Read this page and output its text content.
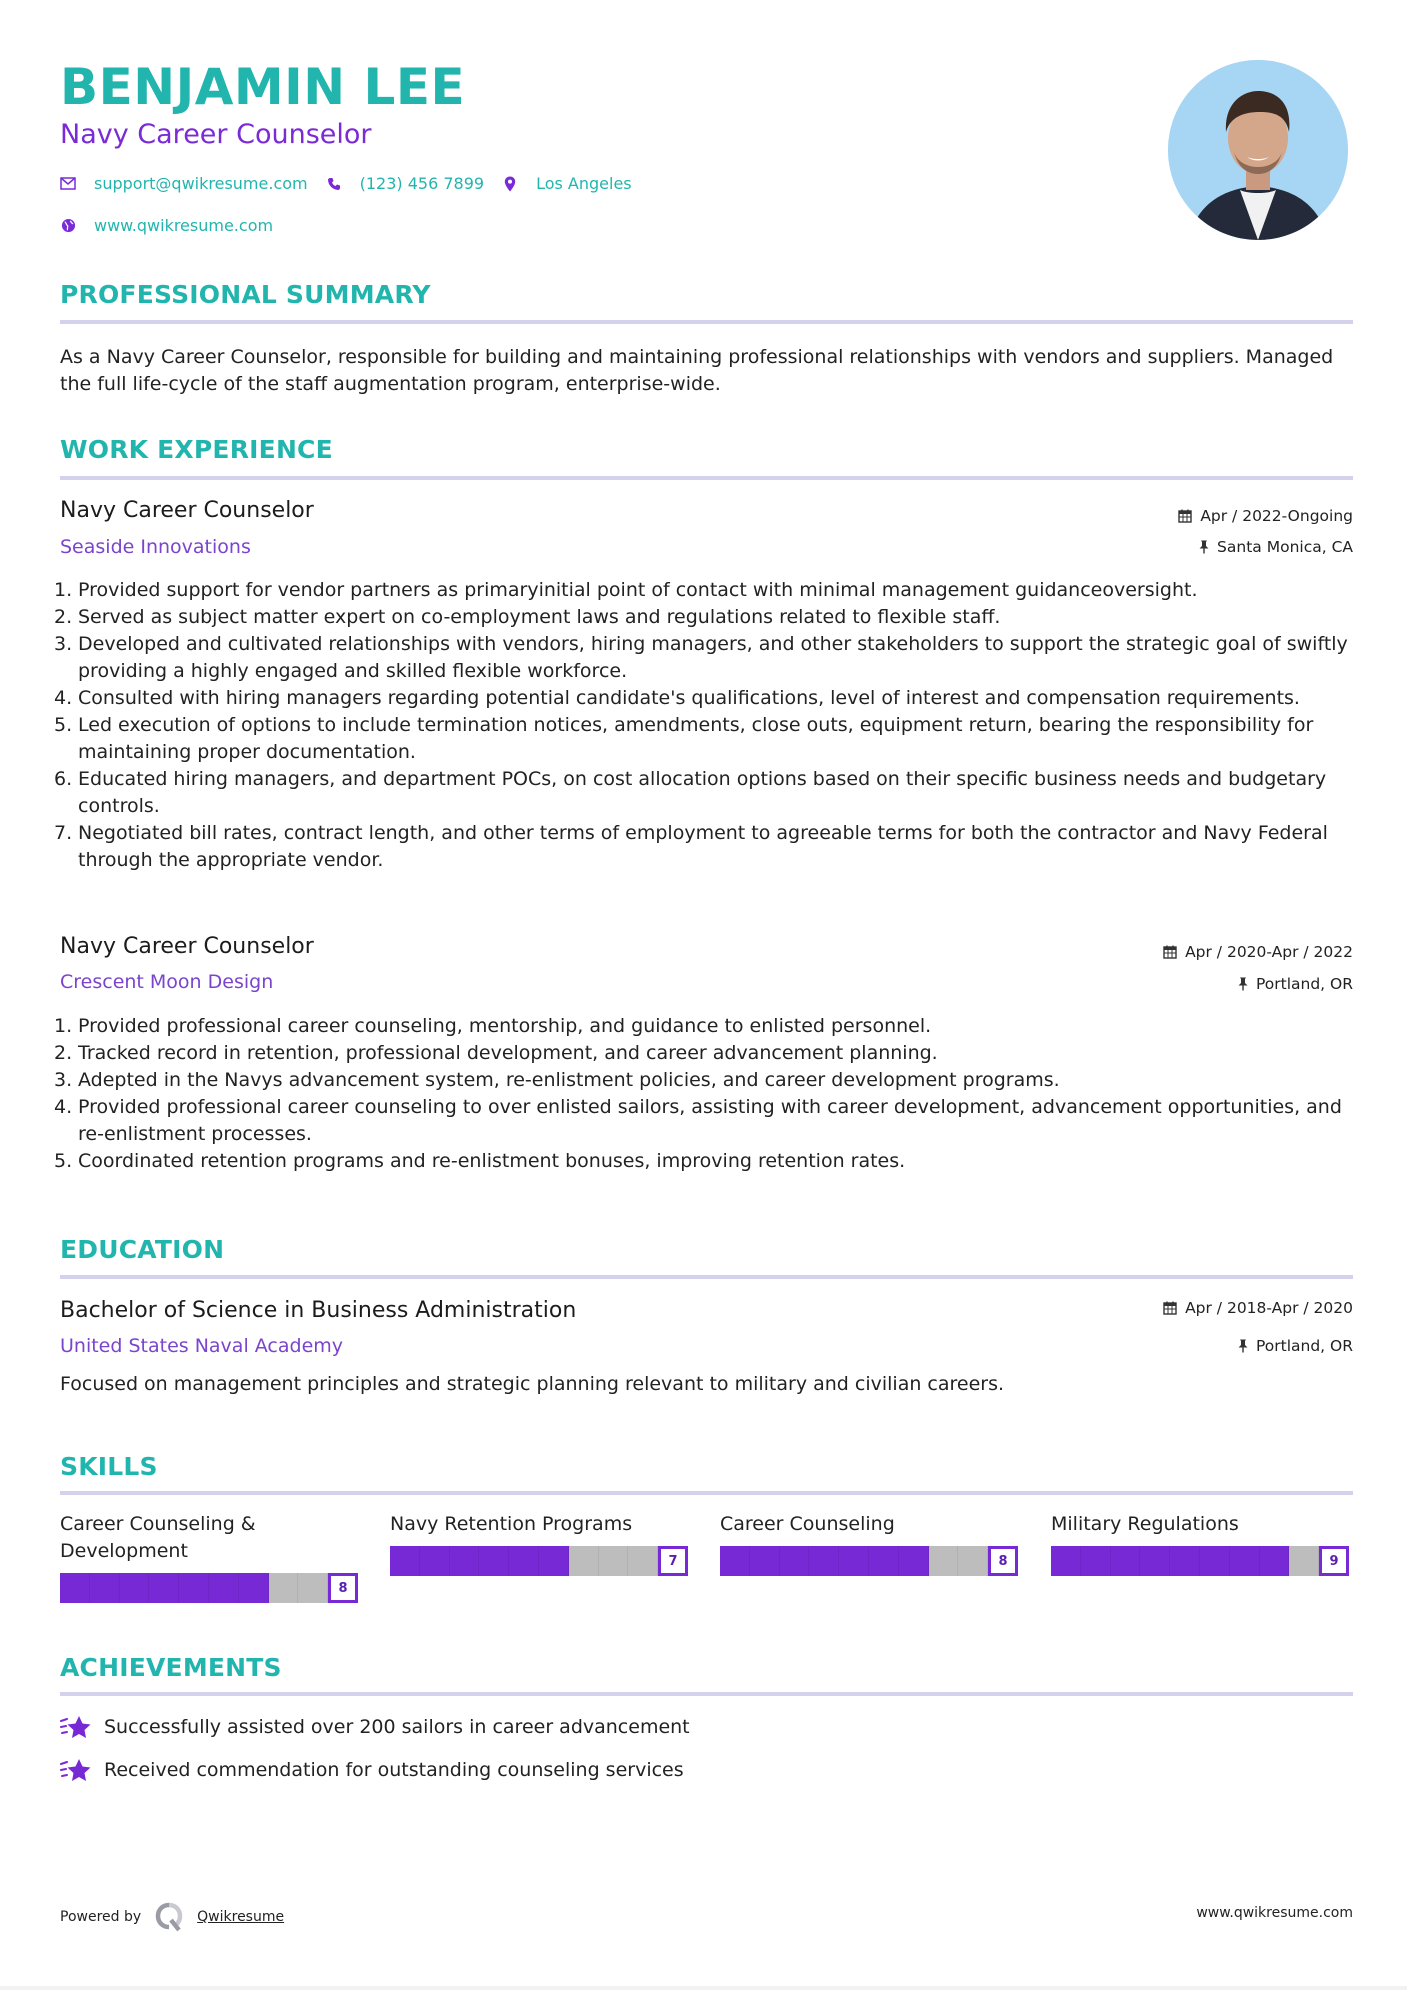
BENJAMIN LEE
Navy Career Counselor
support@qwikresume.com	(123) 456 7899	Los Angeles
www.qwikresume.com
PROFESSIONAL SUMMARY
As a Navy Career Counselor, responsible for building and maintaining professional relationships with vendors and suppliers. Managed the full life-cycle of the staff augmentation program, enterprise-wide.
WORK EXPERIENCE
Navy Career Counselor	Apr / 2022-Ongoing
Seaside Innovations	Santa Monica, CA
1. Provided support for vendor partners as primaryinitial point of contact with minimal management guidanceoversight.
2. Served as subject matter expert on co-employment laws and regulations related to flexible staff.
3. Developed and cultivated relationships with vendors, hiring managers, and other stakeholders to support the strategic goal of swiftly providing a highly engaged and skilled flexible workforce.
4. Consulted with hiring managers regarding potential candidate's qualifications, level of interest and compensation requirements.
5. Led execution of options to include termination notices, amendments, close outs, equipment return, bearing the responsibility for maintaining proper documentation.
6. Educated hiring managers, and department POCs, on cost allocation options based on their specific business needs and budgetary controls.
7. Negotiated bill rates, contract length, and other terms of employment to agreeable terms for both the contractor and Navy Federal through the appropriate vendor.
Navy Career Counselor	Apr / 2020-Apr / 2022
Crescent Moon Design	Portland, OR
1. Provided professional career counseling, mentorship, and guidance to enlisted personnel.
2. Tracked record in retention, professional development, and career advancement planning.
3. Adepted in the Navys advancement system, re-enlistment policies, and career development programs.
4. Provided professional career counseling to over enlisted sailors, assisting with career development, advancement opportunities, and re-enlistment processes.
5. Coordinated retention programs and re-enlistment bonuses, improving retention rates.
EDUCATION
Bachelor of Science in Business Administration	Apr / 2018-Apr / 2020
United States Naval Academy	Portland, OR
Focused on management principles and strategic planning relevant to military and civilian careers.
SKILLS
Career Counseling & Development
8
Navy Retention Programs
7
Career Counseling
8
Military Regulations
9
ACHIEVEMENTS
Successfully assisted over 200 sailors in career advancement
Received commendation for outstanding counseling services
Powered by	Qwikresume	www.qwikresume.com
